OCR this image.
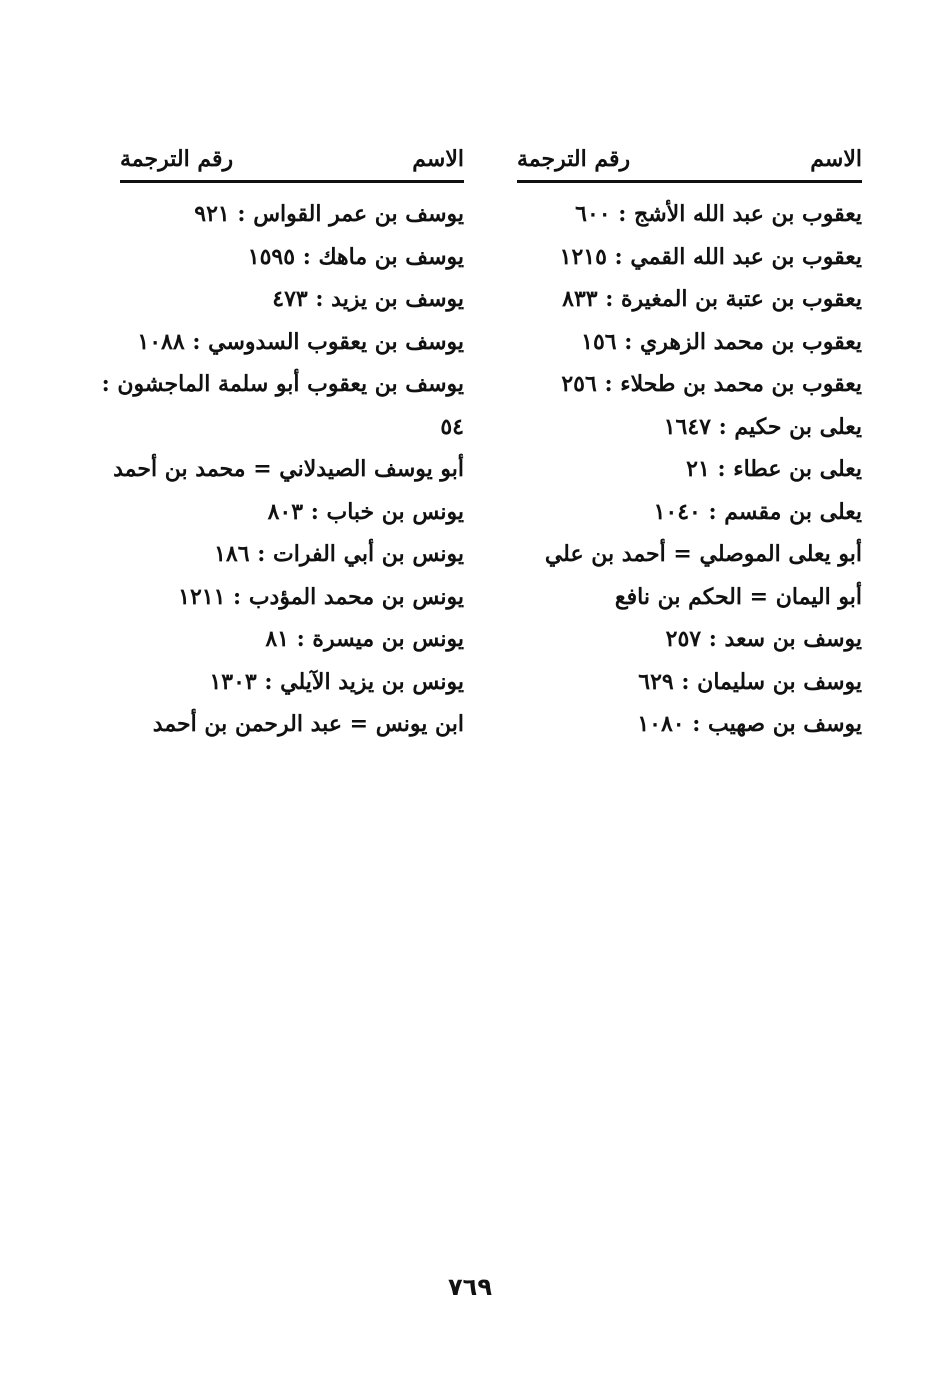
الاسم
رقم الترجمة
يعقوب بن عبد الله الأشج : ٦٠٠
يعقوب بن عبد الله القمي : ١٢١٥
يعقوب بن عتبة بن المغيرة : ٨٣٣
يعقوب بن محمد الزهري : ١٥٦
يعقوب بن محمد بن طحلاء : ٢٥٦
يعلى بن حكيم : ١٦٤٧
يعلى بن عطاء : ٢١
يعلى بن مقسم : ١٠٤٠
أبو يعلى الموصلي = أحمد بن علي
أبو اليمان = الحكم بن نافع
يوسف بن سعد : ٢٥٧
يوسف بن سليمان : ٦٢٩
يوسف بن صهيب : ١٠٨٠
الاسم
رقم الترجمة
يوسف بن عمر القواس : ٩٢١
يوسف بن ماهك : ١٥٩٥
يوسف بن يزيد : ٤٧٣
يوسف بن يعقوب السدوسي : ١٠٨٨
يوسف بن يعقوب أبو سلمة الماجشون :
٥٤
أبو يوسف الصيدلاني = محمد بن أحمد
يونس بن خباب : ٨٠٣
يونس بن أبي الفرات : ١٨٦
يونس بن محمد المؤدب : ١٢١١
يونس بن ميسرة : ٨١
يونس بن يزيد الآيلي : ١٣٠٣
ابن يونس = عبد الرحمن بن أحمد
٧٦٩
